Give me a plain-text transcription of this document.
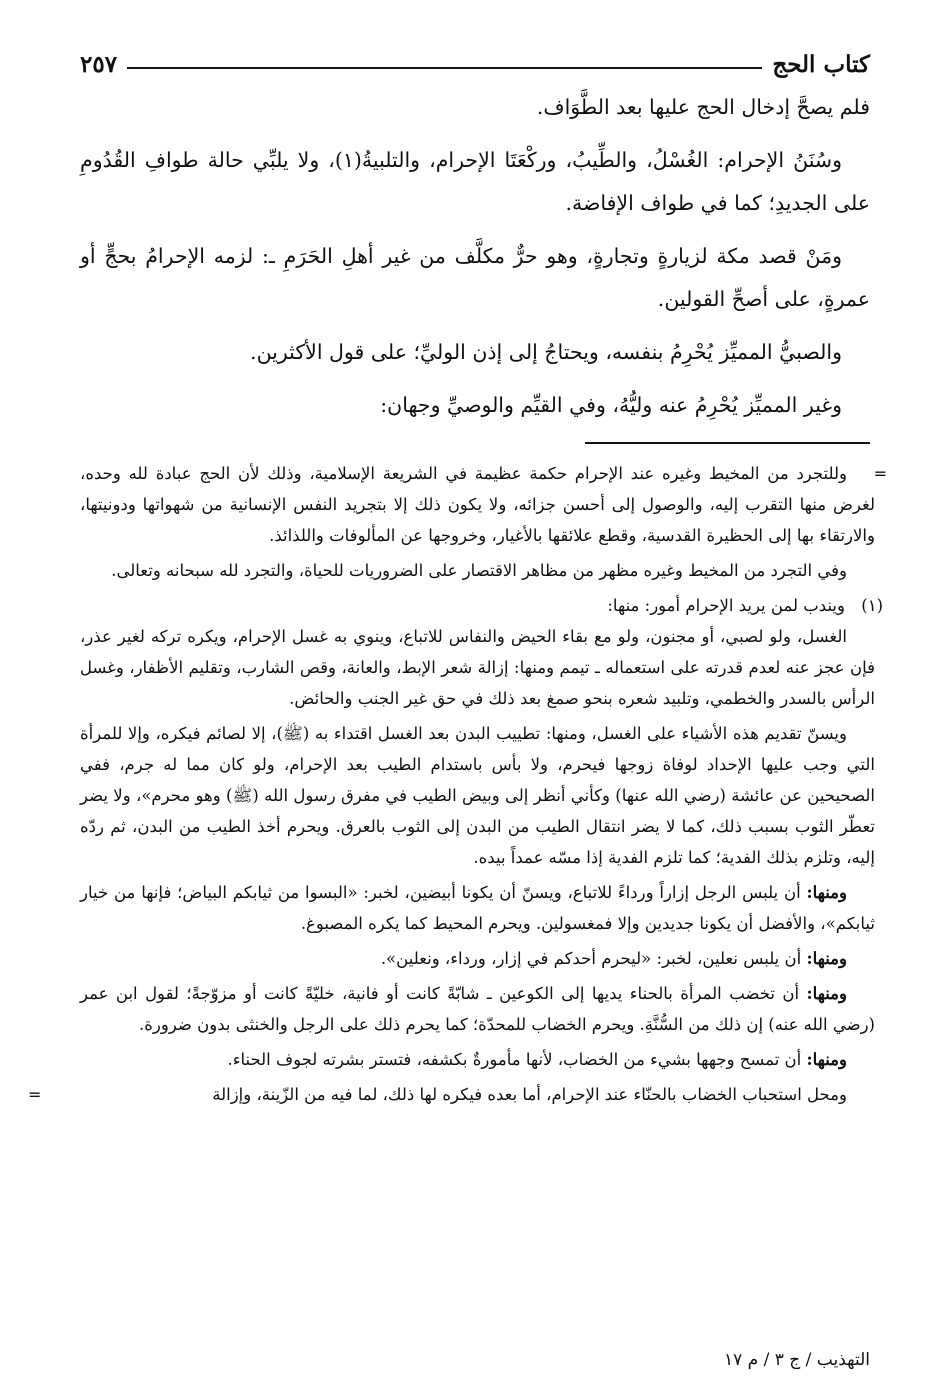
كتاب الحج
٢٥٧

فلم يصحَّ إدخال الحج عليها بعد الطَّوَاف.

وسُنَنُ الإحرام: الغُسْلُ، والطِّيبُ، وركْعَتَا الإحرام، والتلبيةُ(١)، ولا يلبِّي حالة طوافِ القُدُومِ على الجديدِ؛ كما في طواف الإفاضة.

ومَنْ قصد مكة لزيارةٍ وتجارةٍ، وهو حرٌّ مكلَّف من غير أهلِ الحَرَمِ ـ: لزمه الإحرامُ بحجٍّ أو عمرةٍ، على أصحِّ القولين.

والصبيُّ المميِّز يُحْرِمُ بنفسه، ويحتاجُ إلى إذن الوليِّ؛ على قول الأكثرين.

وغير المميِّز يُحْرِمُ عنه وليُّهُ، وفي القيِّم والوصيِّ وجهان:

=
وللتجرد من المخيط وغيره عند الإحرام حكمة عظيمة في الشريعة الإسلامية، وذلك لأن الحج عبادة لله وحده، لغرض منها التقرب إليه، والوصول إلى أحسن جزائه، ولا يكون ذلك إلا بتجريد النفس الإنسانية من شهواتها ودونيتها، والارتقاء بها إلى الحظيرة القدسية، وقطع علائقها بالأغيار، وخروجها عن المألوفات واللذائذ.

وفي التجرد من المخيط وغيره مظهر من مظاهر الاقتصار على الضروريات للحياة، والتجرد لله سبحانه وتعالى.

(١)
ويندب لمن يريد الإحرام أمور: منها:

الغسل، ولو لصبي، أو مجنون، ولو مع بقاء الحيض والنفاس للاتباع، وينوي به غسل الإحرام، ويكره تركه لغير عذر، فإن عجز عنه لعدم قدرته على استعماله ـ تيمم ومنها: إزالة شعر الإبط، والعانة، وقص الشارب، وتقليم الأظفار، وغسل الرأس بالسدر والخطمي، وتلبيد شعره بنحو صمغ بعد ذلك في حق غير الجنب والحائض.

ويسنّ تقديم هذه الأشياء على الغسل، ومنها: تطييب البدن بعد الغسل اقتداء به (ﷺ)، إلا لصائم فيكره، وإلا للمرأة التي وجب عليها الإحداد لوفاة زوجها فيحرم، ولا بأس باستدام الطيب بعد الإحرام، ولو كان مما له جرم، ففي الصحيحين عن عائشة (رضي الله عنها) وكأني أنظر إلى وبيض الطيب في مفرق رسول الله (ﷺ) وهو محرم»، ولا يضر تعطّر الثوب بسبب ذلك، كما لا يضر انتقال الطيب من البدن إلى الثوب بالعرق. ويحرم أخذ الطيب من البدن، ثم ردّه إليه، وتلزم بذلك الفدية؛ كما تلزم الفدية إذا مسّه عمداً بيده.

ومنها: أن يلبس الرجل إزاراً ورداءً للاتباع، ويسنّ أن يكونا أبيضين، لخبر: «البسوا من ثيابكم البياض؛ فإنها من خيار ثيابكم»، والأفضل أن يكونا جديدين وإلا فمغسولين. ويحرم المحيط كما يكره المصبوغ.

ومنها: أن يلبس نعلين، لخبر: «ليحرم أحدكم في إزار، ورداء، ونعلين».

ومنها: أن تخضب المرأة بالحناء يديها إلى الكوعين ـ شابّةً كانت أو فانية، خليّةً كانت أو مزوّجةً؛ لقول ابن عمر (رضي الله عنه) إن ذلك من السُّنَّةِ. ويحرم الخضاب للمحدّة؛ كما يحرم ذلك على الرجل والخنثى بدون ضرورة.

ومنها: أن تمسح وجهها بشيء من الخضاب، لأنها مأمورةٌ بكشفه، فتستر بشرته لجوف الحناء.

ومحل استحباب الخضاب بالحنّاء عند الإحرام، أما بعده فيكره لها ذلك، لما فيه من الزّينة، وإزالة
=

التهذيب / ج ٣ / م ١٧
